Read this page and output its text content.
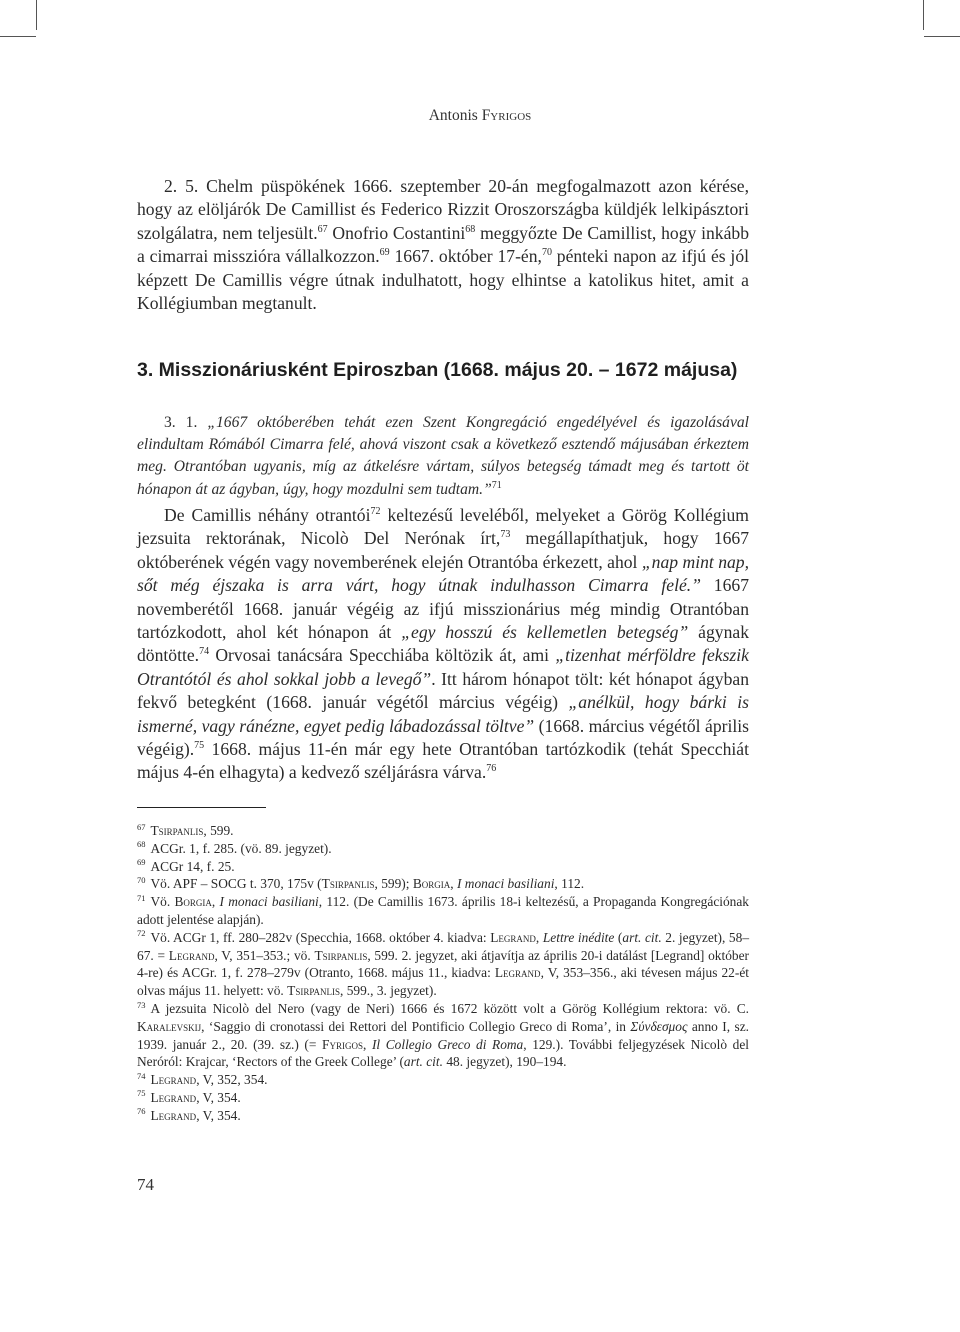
Antonis Fyrigos

2. 5. Chelm püspökének 1666. szeptember 20-án megfogalmazott azon kérése, hogy az elöljárók De Camillist és Federico Rizzit Oroszországba küldjék lelkipásztori szolgálatra, nem teljesült.$^{67}$ Onofrio Costantini$^{68}$ meggyőzte De Camillist, hogy inkább a cimarrai misszióra vállalkozzon.$^{69}$ 1667. október 17-én,$^{70}$ pénteki napon az ifjú és jól képzett De Camillis végre útnak indulhatott, hogy elhintse a katolikus hitet, amit a Kollégiumban megtanult.

3. Misszionáriusként Epiroszban (1668. május 20. – 1672 májusa)

3. 1. „1667 októberében tehát ezen Szent Kongregáció engedélyével és igazolásával elindultam Rómából Cimarra felé, ahová viszont csak a következő esztendő májusában érkeztem meg. Otrantóban ugyanis, míg az átkelésre vártam, súlyos betegség támadt meg és tartott öt hónapon át az ágyban, úgy, hogy mozdulni sem tudtam.”$^{71}$

De Camillis néhány otrantói$^{72}$ keltezésű leveléből, melyeket a Görög Kollégium jezsuita rektorának, Nicolò Del Nerónak írt,$^{73}$ megállapíthatjuk, hogy 1667 októberének végén vagy novemberének elején Otrantóba érkezett, ahol „nap mint nap, sőt még éjszaka is arra várt, hogy útnak indulhasson Cimarra felé.” 1667 novemberétől 1668. január végéig az ifjú misszionárius még mindig Otrantóban tartózkodott, ahol két hónapon át „egy hosszú és kellemetlen betegség” ágynak döntötte.$^{74}$ Orvosai tanácsára Specchiába költözik át, ami „tizenhat mérföldre fekszik Otrantótól és ahol sokkal jobb a levegő”. Itt három hónapot tölt: két hónapot ágyban fekvő betegként (1668. január végétől március végéig) „anélkül, hogy bárki is ismerné, vagy ránézne, egyet pedig lábadozással töltve” (1668. március végétől április végéig).$^{75}$ 1668. május 11-én már egy hete Otrantóban tartózkodik (tehát Specchiát május 4-én elhagyta) a kedvező széljárásra várva.$^{76}$

$^{67}$ Tsirpanlis, 599.

$^{68}$ ACGr. 1, f. 285. (vö. 89. jegyzet).

$^{69}$ ACGr 14, f. 25.

$^{70}$ Vö. APF – SOCG t. 370, 175v (Tsirpanlis, 599); Borgia, I monaci basiliani, 112.

$^{71}$ Vö. Borgia, I monaci basiliani, 112. (De Camillis 1673. április 18-i keltezésű, a Propaganda Kongregációnak adott jelentése alapján).

$^{72}$ Vö. ACGr 1, ff. 280–282v (Specchia, 1668. október 4. kiadva: Legrand, Lettre inédite (art. cit. 2. jegyzet), 58–67. = Legrand, V, 351–353.; vö. Tsirpanlis, 599. 2. jegyzet, aki átjavítja az április 20-i datálást [Legrand] október 4-re) és ACGr. 1, f. 278–279v (Otranto, 1668. május 11., kiadva: Legrand, V, 353–356., aki tévesen május 22-ét olvas május 11. helyett: vö. Tsirpanlis, 599., 3. jegyzet).

$^{73}$ A jezsuita Nicolò del Nero (vagy de Neri) 1666 és 1672 között volt a Görög Kollégium rektora: vö. C. Karalevskij, ‘Saggio di cronotassi dei Rettori del Pontificio Collegio Greco di Roma’, in Σύνδεσμος anno I, sz. 1939. január 2., 20. (39. sz.) (= Fyrigos, Il Collegio Greco di Roma, 129.). További feljegyzések Nicolò del Neróról: Krajcar, ‘Rectors of the Greek College’ (art. cit. 48. jegyzet), 190–194.

$^{74}$ Legrand, V, 352, 354.

$^{75}$ Legrand, V, 354.

$^{76}$ Legrand, V, 354.

74
